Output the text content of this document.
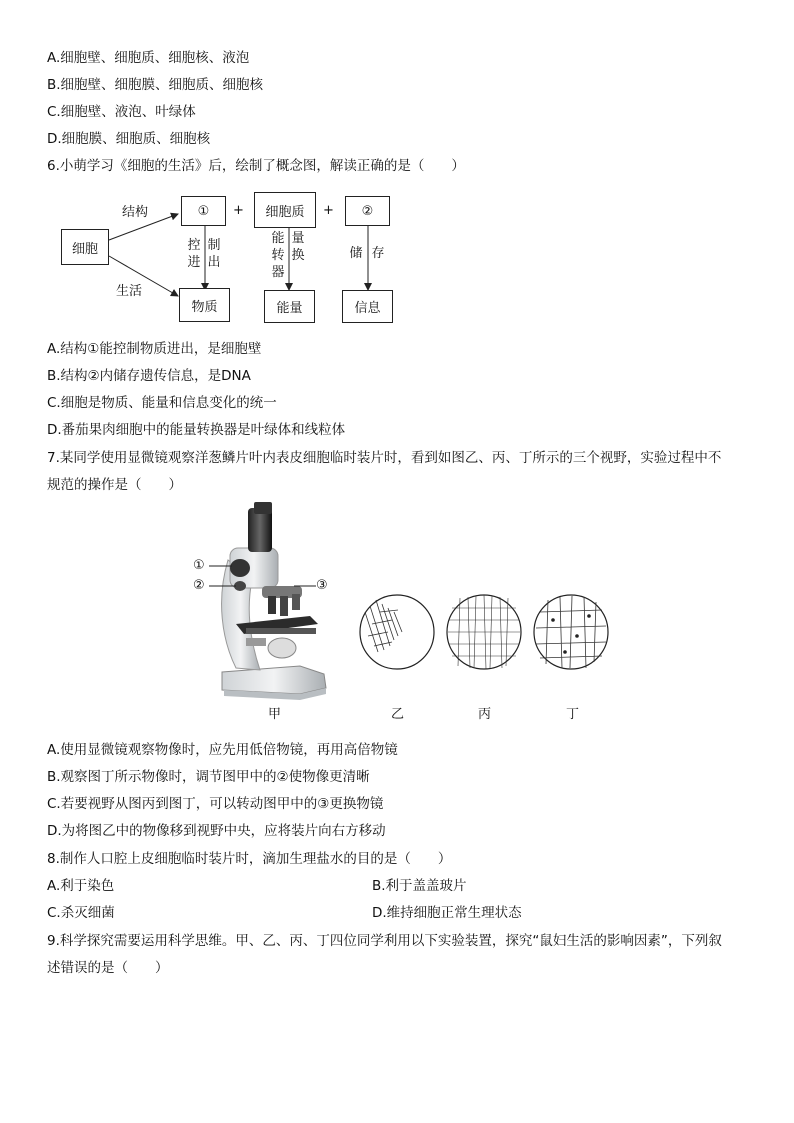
A.细胞壁、细胞质、细胞核、液泡
B.细胞壁、细胞膜、细胞质、细胞核
C.细胞壁、液泡、叶绿体
D.细胞膜、细胞质、细胞核
6.小萌学习《细胞的生活》后，绘制了概念图，解读正确的是（　　）
细胞
结构
生活
①	+	细胞质	+	②
控进
制出
能转器
量换	储 存
物质	能量	信息
A.结构①能控制物质进出，是细胞壁
B.结构②内储存遗传信息，是DNA
C.细胞是物质、能量和信息变化的统一
D.番茄果肉细胞中的能量转换器是叶绿体和线粒体
7.某同学使用显微镜观察洋葱鳞片叶内表皮细胞临时装片时，看到如图乙、丙、丁所示的三个视野，实验过程中不
规范的操作是（　　）
①
②	③
甲	乙	丙	丁
A.使用显微镜观察物像时，应先用低倍物镜，再用高倍物镜
B.观察图丁所示物像时，调节图甲中的②使物像更清晰
C.若要视野从图丙到图丁，可以转动图甲中的③更换物镜
D.为将图乙中的物像移到视野中央，应将装片向右方移动
8.制作人口腔上皮细胞临时装片时，滴加生理盐水的目的是（　　）
A.利于染色	B.利于盖盖玻片
C.杀灭细菌	D.维持细胞正常生理状态
9.科学探究需要运用科学思维。甲、乙、丙、丁四位同学利用以下实验装置，探究“鼠妇生活的影响因素”，下列叙
述错误的是（　　）
